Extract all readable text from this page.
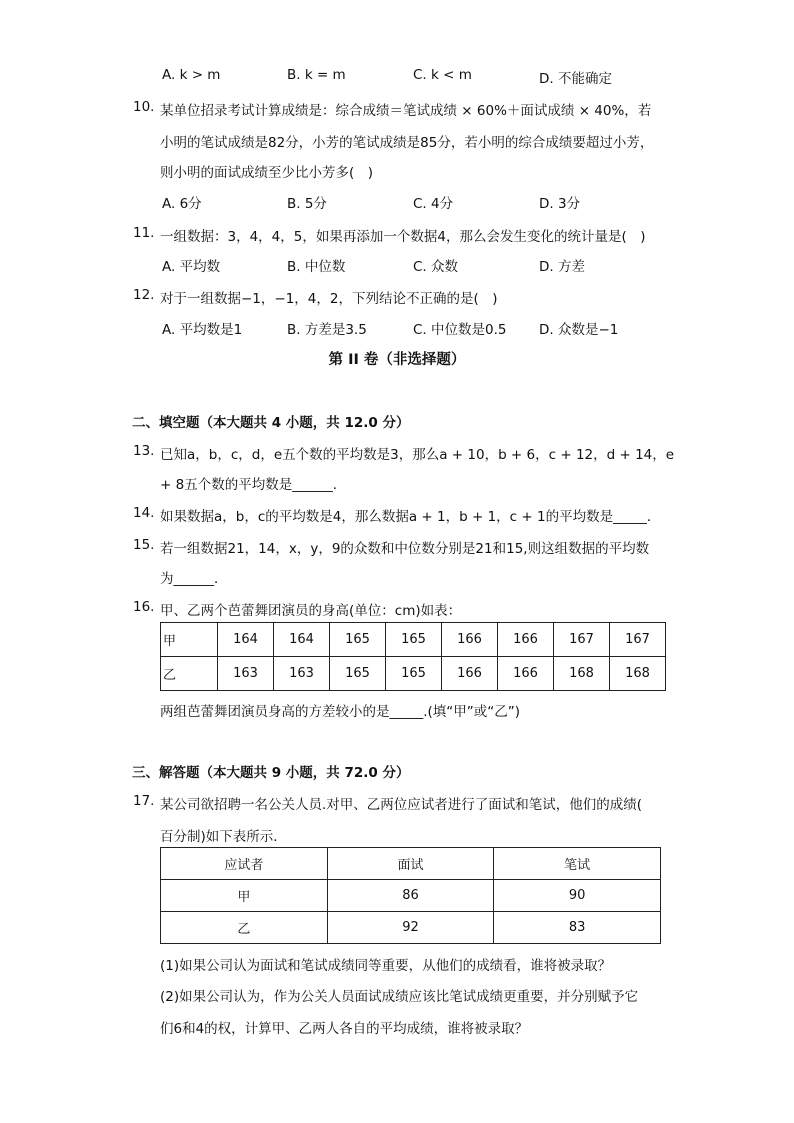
A. k > m	B. k = m	C. k < m	D. 不能确定
10. 某单位招录考试计算成绩是：综合成绩＝笔试成绩 × 60%＋面试成绩 × 40%，若
小明的笔试成绩是82分，小芳的笔试成绩是85分，若小明的综合成绩要超过小芳，
则小明的面试成绩至少比小芳多(　)
A. 6分	B. 5分	C. 4分	D. 3分
11. 一组数据：3，4，4，5，如果再添加一个数据4，那么会发生变化的统计量是(　)
A. 平均数	B. 中位数	C. 众数	D. 方差
12. 对于一组数据−1，−1，4，2，下列结论不正确的是(　)
A. 平均数是1	B. 方差是3.5	C. 中位数是0.5 D. 众数是−1
第 II 卷（非选择题）
二、填空题（本大题共 4 小题，共 12.0 分）
13. 已知a，b，c，d，e五个数的平均数是3，那么a + 10，b + 6，c + 12，d + 14，e
+ 8五个数的平均数是______．
14. 如果数据a，b，c的平均数是4，那么数据a + 1，b + 1，c + 1的平均数是_____．
15. 若一组数据21，14，x，y，9的众数和中位数分别是21和15,则这组数据的平均数
为______．
16. 甲、乙两个芭蕾舞团演员的身高(单位：cm)如表：
甲	164	164	165	165	166	166	167	167
乙	163	163	165	165	166	166	168	168
两组芭蕾舞团演员身高的方差较小的是_____.(填“甲”或“乙”)
三、解答题（本大题共 9 小题，共 72.0 分）
17. 某公司欲招聘一名公关人员.对甲、乙两位应试者进行了面试和笔试，他们的成绩(
百分制)如下表所示．
应试者	面试	笔试
甲	86	90
乙	92	83
(1)如果公司认为面试和笔试成绩同等重要，从他们的成绩看，谁将被录取？
(2)如果公司认为，作为公关人员面试成绩应该比笔试成绩更重要，并分别赋予它
们6和4的权，计算甲、乙两人各自的平均成绩，谁将被录取？
